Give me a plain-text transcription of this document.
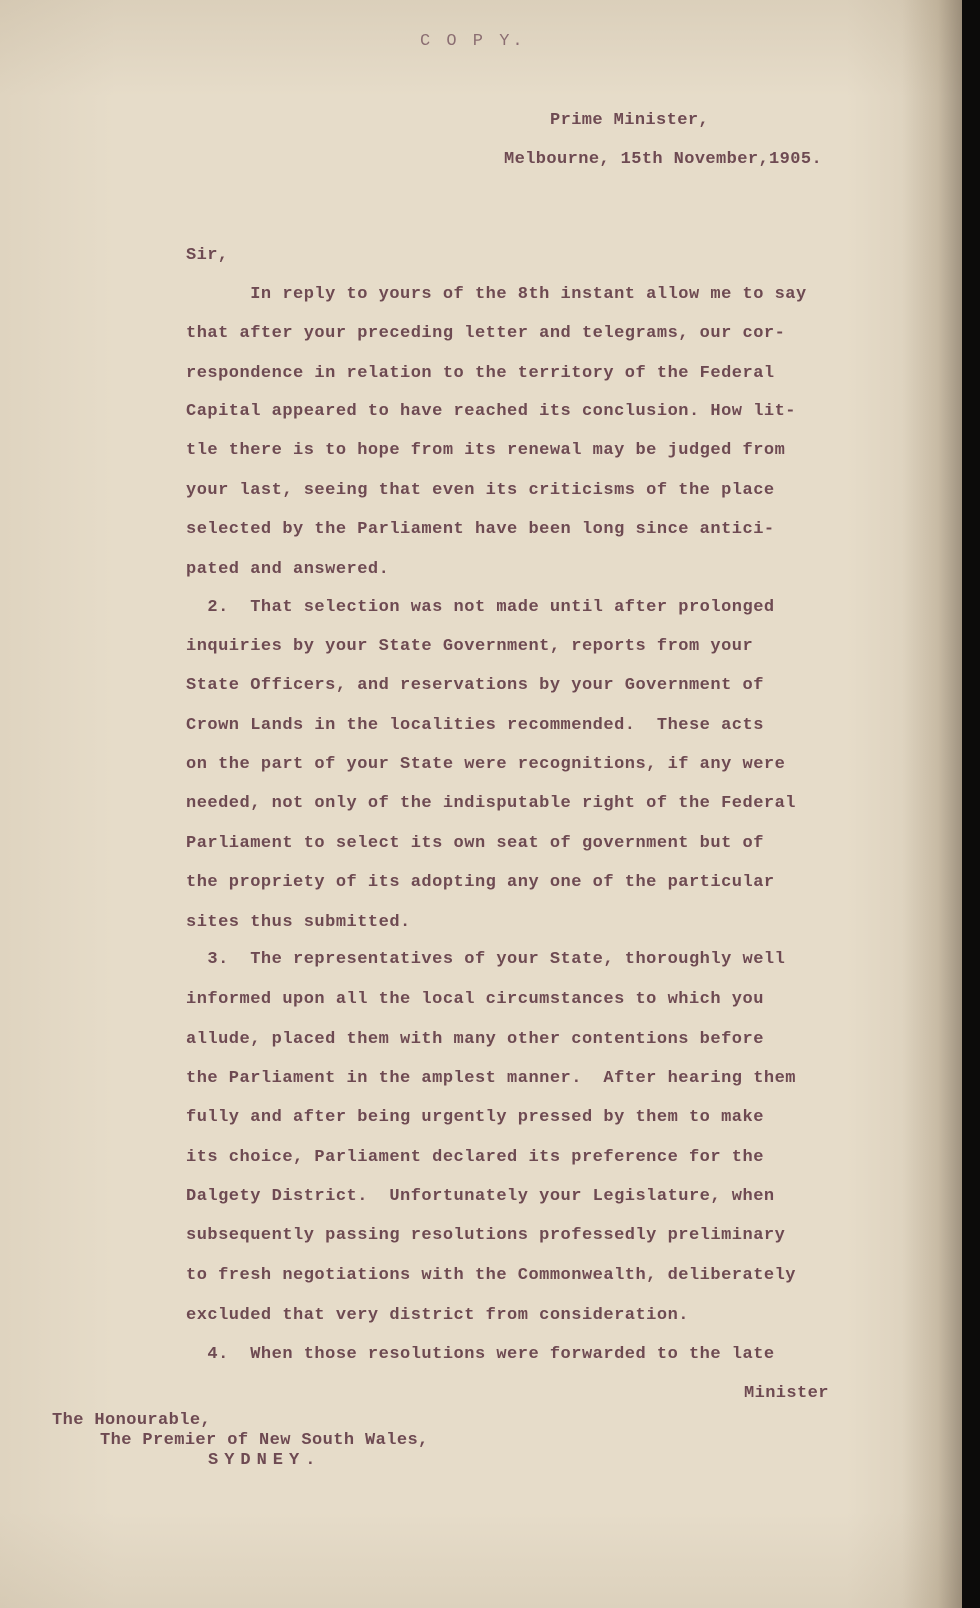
C O P Y.
Prime Minister,
Melbourne, 15th November,1905.
Sir,
In reply to yours of the 8th instant allow me to say
that after your preceding letter and telegrams, our cor-
respondence in relation to the territory of the Federal
Capital appeared to have reached its conclusion. How lit-
tle there is to hope from its renewal may be judged from
your last, seeing that even its criticisms of the place
selected by the Parliament have been long since antici-
pated and answered.
2.  That selection was not made until after prolonged
inquiries by your State Government, reports from your
State Officers, and reservations by your Government of
Crown Lands in the localities recommended.  These acts
on the part of your State were recognitions, if any were
needed, not only of the indisputable right of the Federal
Parliament to select its own seat of government but of
the propriety of its adopting any one of the particular
sites thus submitted.
3.  The representatives of your State, thoroughly well
informed upon all the local circumstances to which you
allude, placed them with many other contentions before
the Parliament in the amplest manner.  After hearing them
fully and after being urgently pressed by them to make
its choice, Parliament declared its preference for the
Dalgety District.  Unfortunately your Legislature, when
subsequently passing resolutions professedly preliminary
to fresh negotiations with the Commonwealth, deliberately
excluded that very district from consideration.
4.  When those resolutions were forwarded to the late
Minister
The Honourable,
The Premier of New South Wales,
SYDNEY.
